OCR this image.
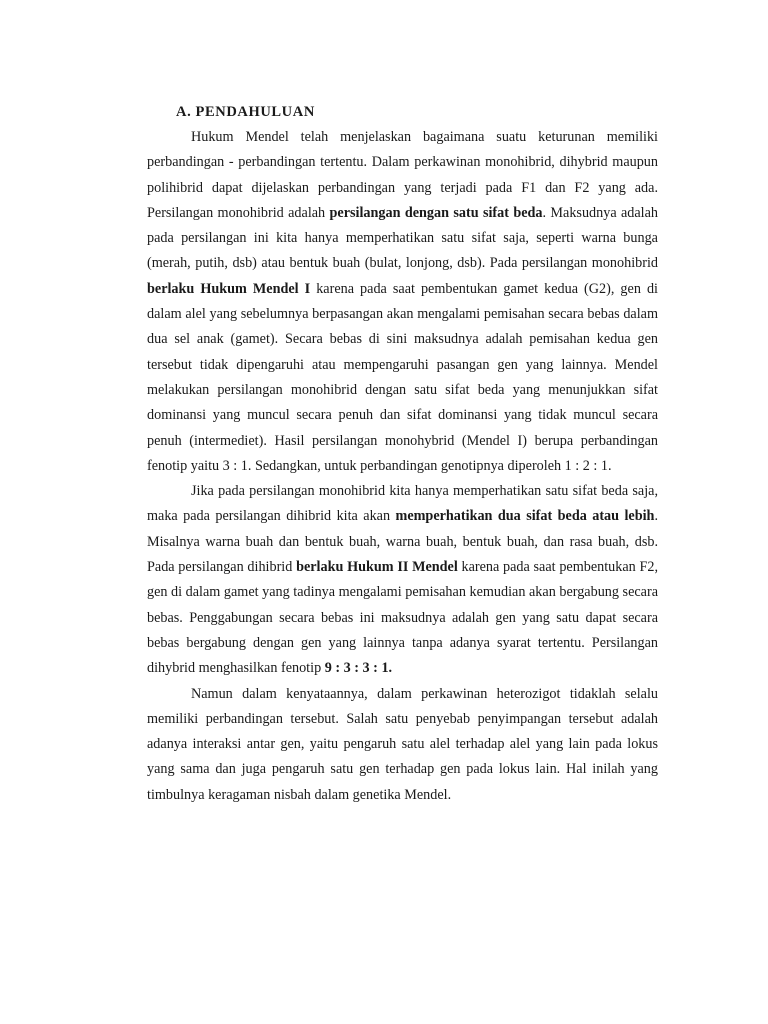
A. PENDAHULUAN

Hukum Mendel telah menjelaskan bagaimana suatu keturunan memiliki perbandingan - perbandingan tertentu. Dalam perkawinan monohibrid, dihybrid maupun polihibrid dapat dijelaskan perbandingan yang terjadi pada F1 dan F2 yang ada. Persilangan monohibrid adalah persilangan dengan satu sifat beda. Maksudnya adalah pada persilangan ini kita hanya memperhatikan satu sifat saja, seperti warna bunga (merah, putih, dsb) atau bentuk buah (bulat, lonjong, dsb). Pada persilangan monohibrid berlaku Hukum Mendel I karena pada saat pembentukan gamet kedua (G2), gen di dalam alel yang sebelumnya berpasangan akan mengalami pemisahan secara bebas dalam dua sel anak (gamet). Secara bebas di sini maksudnya adalah pemisahan kedua gen tersebut tidak dipengaruhi atau mempengaruhi pasangan gen yang lainnya. Mendel melakukan persilangan monohibrid dengan satu sifat beda yang menunjukkan sifat dominansi yang muncul secara penuh dan sifat dominansi yang tidak muncul secara penuh (intermediet). Hasil persilangan monohybrid (Mendel I) berupa perbandingan fenotip yaitu 3 : 1. Sedangkan, untuk perbandingan genotipnya diperoleh 1 : 2 : 1.

Jika pada persilangan monohibrid kita hanya memperhatikan satu sifat beda saja, maka pada persilangan dihibrid kita akan memperhatikan dua sifat beda atau lebih. Misalnya warna buah dan bentuk buah, warna buah, bentuk buah, dan rasa buah, dsb. Pada persilangan dihibrid berlaku Hukum II Mendel karena pada saat pembentukan F2, gen di dalam gamet yang tadinya mengalami pemisahan kemudian akan bergabung secara bebas. Penggabungan secara bebas ini maksudnya adalah gen yang satu dapat secara bebas bergabung dengan gen yang lainnya tanpa adanya syarat tertentu. Persilangan dihybrid menghasilkan fenotip 9 : 3 : 3 : 1.

Namun dalam kenyataannya, dalam perkawinan heterozigot tidaklah selalu memiliki perbandingan tersebut. Salah satu penyebab penyimpangan tersebut adalah adanya interaksi antar gen, yaitu pengaruh satu alel terhadap alel yang lain pada lokus yang sama dan juga pengaruh satu gen terhadap gen pada lokus lain. Hal inilah yang timbulnya keragaman nisbah dalam genetika Mendel.
